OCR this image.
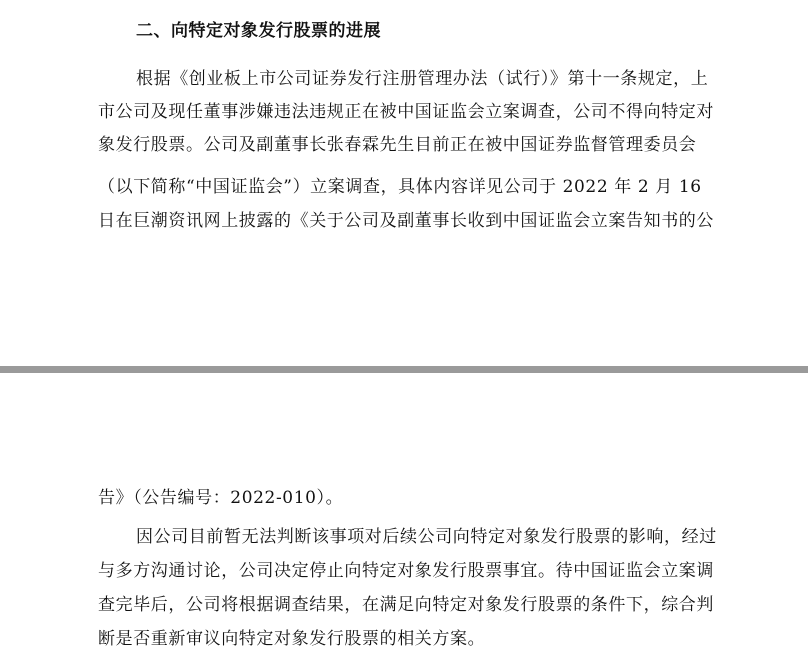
二、向特定对象发行股票的进展
根据《创业板上市公司证券发行注册管理办法（试行）》第十一条规定，上
市公司及现任董事涉嫌违法违规正在被中国证监会立案调查，公司不得向特定对
象发行股票。公司及副董事长张春霖先生目前正在被中国证券监督管理委员会
（以下简称“中国证监会”）立案调查，具体内容详见公司于 2022 年 2 月 16
日在巨潮资讯网上披露的《关于公司及副董事长收到中国证监会立案告知书的公
告》（公告编号：2022-010）。
因公司目前暂无法判断该事项对后续公司向特定对象发行股票的影响，经过
与多方沟通讨论，公司决定停止向特定对象发行股票事宜。待中国证监会立案调
查完毕后，公司将根据调查结果，在满足向特定对象发行股票的条件下，综合判
断是否重新审议向特定对象发行股票的相关方案。
